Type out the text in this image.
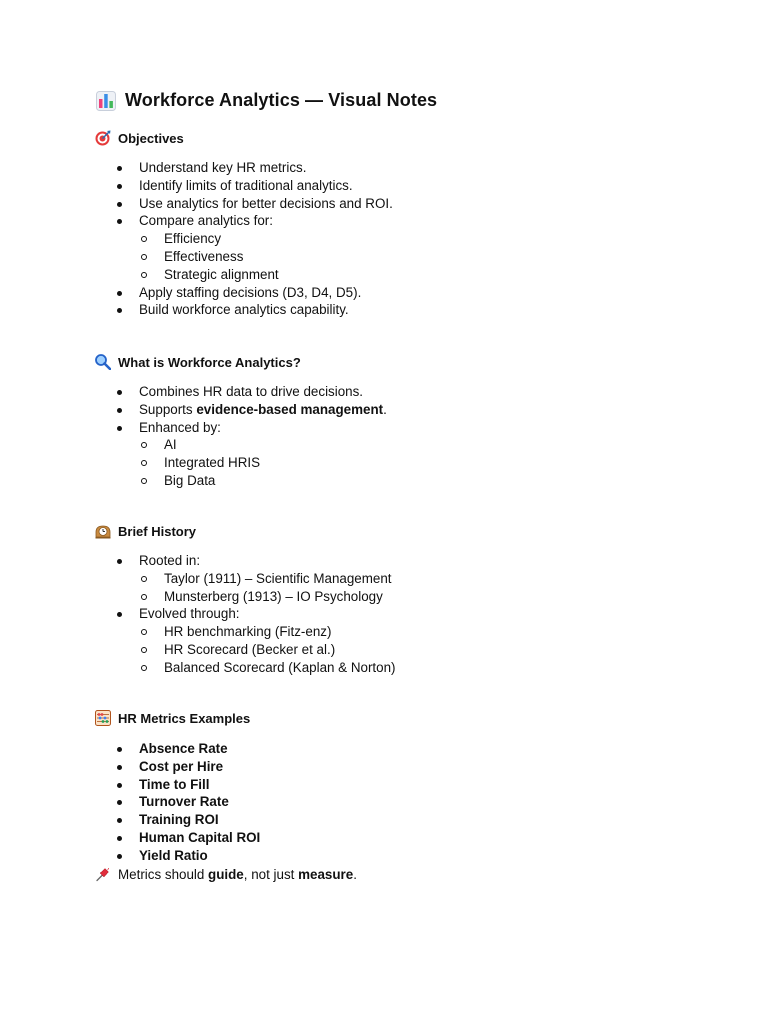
Workforce Analytics — Visual Notes
Objectives
Understand key HR metrics.
Identify limits of traditional analytics.
Use analytics for better decisions and ROI.
Compare analytics for:
Efficiency
Effectiveness
Strategic alignment
Apply staffing decisions (D3, D4, D5).
Build workforce analytics capability.
What is Workforce Analytics?
Combines HR data to drive decisions.
Supports evidence-based management.
Enhanced by:
AI
Integrated HRIS
Big Data
Brief History
Rooted in:
Taylor (1911) – Scientific Management
Munsterberg (1913) – IO Psychology
Evolved through:
HR benchmarking (Fitz-enz)
HR Scorecard (Becker et al.)
Balanced Scorecard (Kaplan & Norton)
HR Metrics Examples
Absence Rate
Cost per Hire
Time to Fill
Turnover Rate
Training ROI
Human Capital ROI
Yield Ratio
Metrics should guide, not just measure.
